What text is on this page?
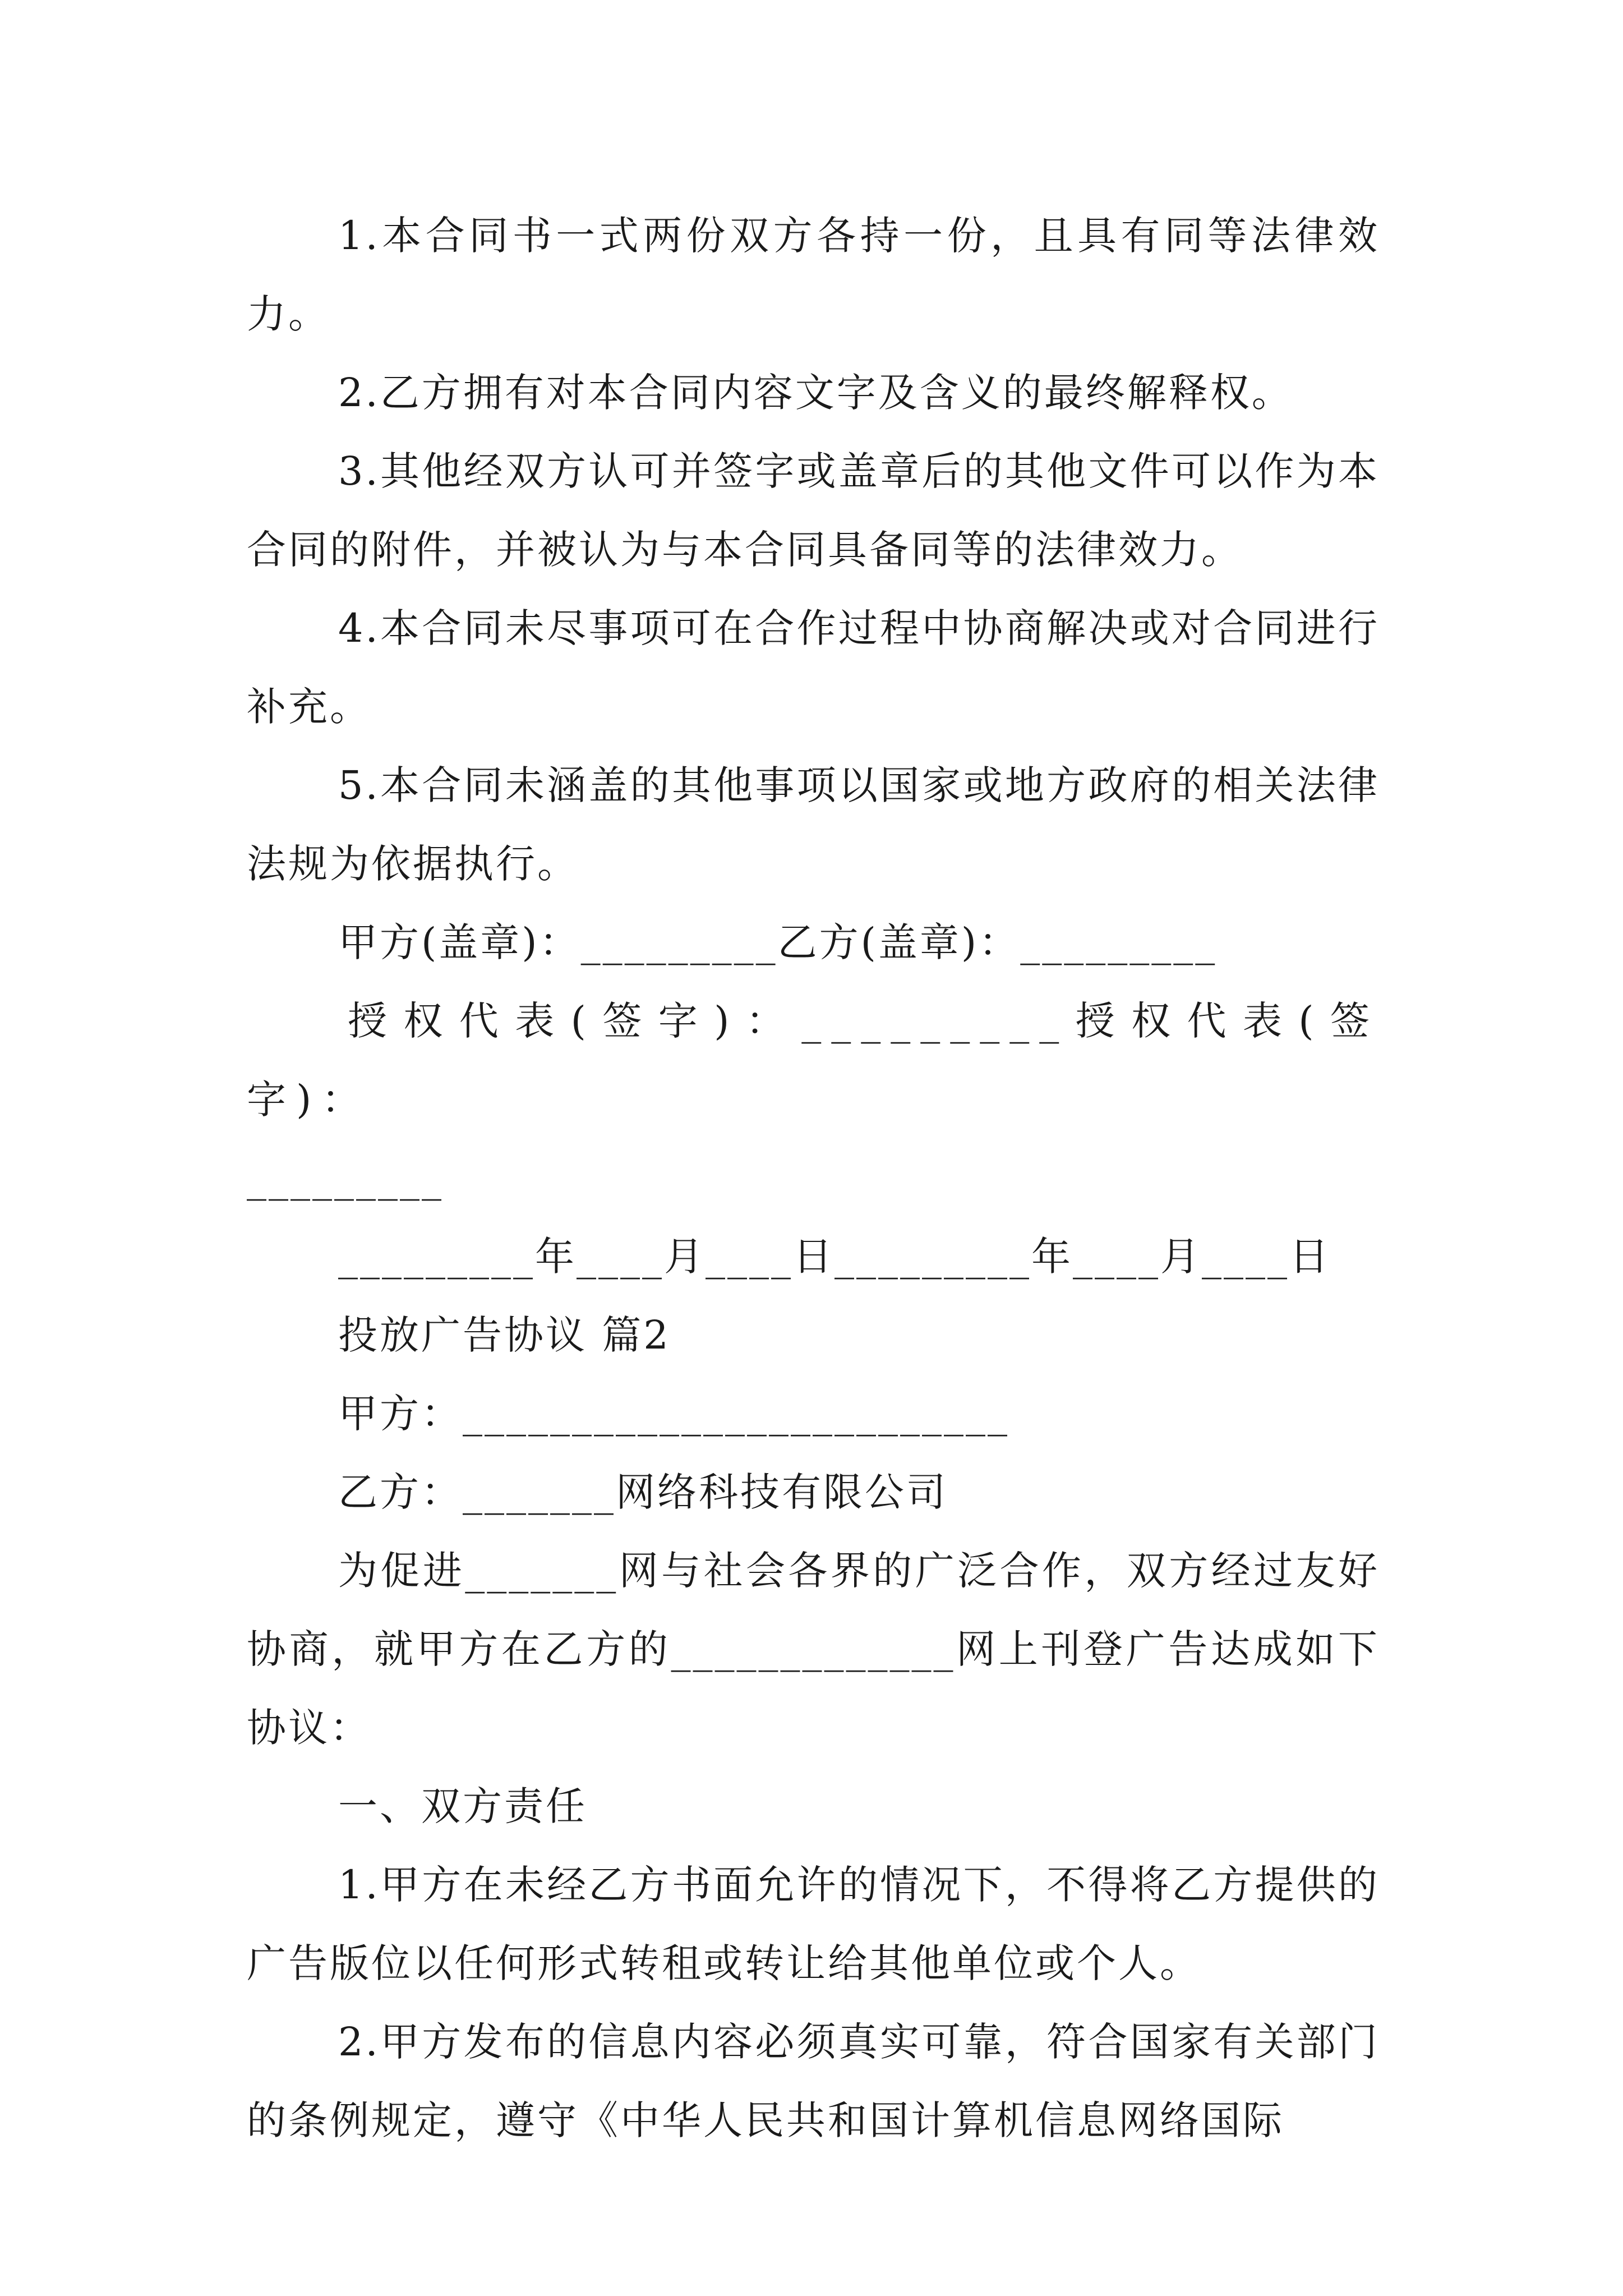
1.本合同书一式两份双方各持一份，且具有同等法律效力。

2.乙方拥有对本合同内容文字及含义的最终解释权。

3.其他经双方认可并签字或盖章后的其他文件可以作为本合同的附件，并被认为与本合同具备同等的法律效力。

4.本合同未尽事项可在合作过程中协商解决或对合同进行补充。

5.本合同未涵盖的其他事项以国家或地方政府的相关法律法规为依据执行。

甲方(盖章)：_________乙方(盖章)：_________

授权代表(签字)：_________授权代表(签字)：

_________

_________年____月____日_________年____月____日

投放广告协议 篇2

甲方：_________________________

乙方：_______网络科技有限公司

为促进_______网与社会各界的广泛合作，双方经过友好协商，就甲方在乙方的_____________网上刊登广告达成如下协议：

一、双方责任

1.甲方在未经乙方书面允许的情况下，不得将乙方提供的广告版位以任何形式转租或转让给其他单位或个人。

2.甲方发布的信息内容必须真实可靠，符合国家有关部门的条例规定，遵守《中华人民共和国计算机信息网络国际
